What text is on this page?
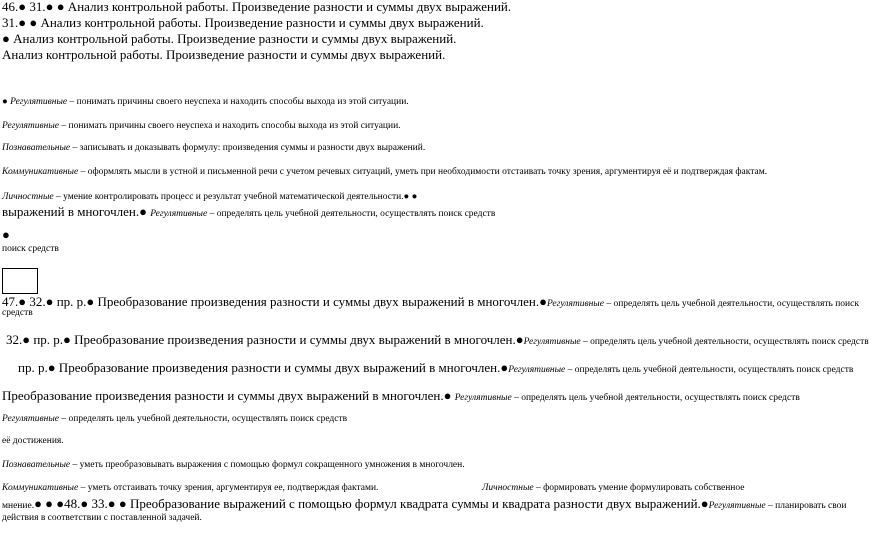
46.● 31.● ● Анализ контрольной работы. Произведение разности и суммы двух выражений.
31.● ● Анализ контрольной работы. Произведение разности и суммы двух выражений.
● Анализ контрольной работы. Произведение разности и суммы двух выражений.
Анализ контрольной работы. Произведение разности и суммы двух выражений.
● Регулятивные – понимать причины своего неуспеха и находить способы выхода из этой ситуации.
Регулятивные – понимать причины своего неуспеха и находить способы выхода из этой ситуации.
Познавательные – записывать и доказывать формулу: произведения суммы и разности двух выражений.
Коммуникативные – оформлять мысли в устной и письменной речи с учетом речевых ситуаций, уметь при необходимости отстаивать точку зрения, аргументируя её и подтверждая фактам.
Личностные – умение контролировать процесс и результат учебной математической деятельности.● ●
выражений в многочлен.● Регулятивные – определять цель учебной деятельности, осуществлять поиск средств
●
поиск средств
47.● 32.● пр. р.● Преобразование произведения разности и суммы двух выражений в многочлен.●Регулятивные – определять цель учебной деятельности, осуществлять поиск
средств
32.● пр. р.● Преобразование произведения разности и суммы двух выражений в многочлен.●Регулятивные – определять цель учебной деятельности, осуществлять поиск средств
пр. р.● Преобразование произведения разности и суммы двух выражений в многочлен.●Регулятивные – определять цель учебной деятельности, осуществлять поиск средств
Преобразование произведения разности и суммы двух выражений в многочлен.● Регулятивные – определять цель учебной деятельности, осуществлять поиск средств
Регулятивные – определять цель учебной деятельности, осуществлять поиск средств
её достижения.
Познавательные – уметь преобразовывать выражения с помощью формул сокращенного умножения в многочлен.
Коммуникативные – уметь отстаивать точку зрения, аргументируя ее, подтверждая фактами.	Личностные – формировать умение формулировать собственное
мнение.● ● ●48.● 33.● ● Преобразование выражений с помощью формул квадрата суммы и квадрата разности двух выражений.●Регулятивные – планировать свои
действия в соответствии с поставленной задачей.
